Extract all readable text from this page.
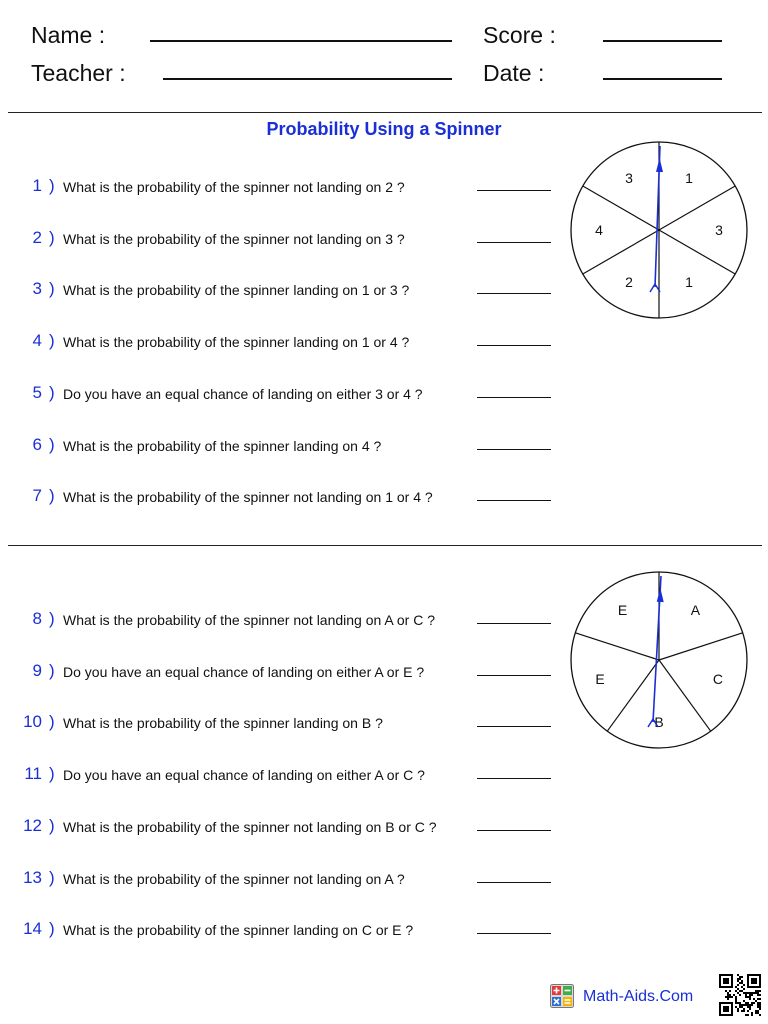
Name :
Teacher :
Score :
Date :
Probability Using a Spinner
1 ) What is the probability of the spinner not landing on 2 ?
2 ) What is the probability of the spinner not landing on 3 ?
3 ) What is the probability of the spinner landing on 1 or 3 ?
4 ) What is the probability of the spinner landing on 1 or 4 ?
5 ) Do you have an equal chance of landing on either 3 or 4 ?
6 ) What is the probability of the spinner landing on 4 ?
7 ) What is the probability of the spinner not landing on 1 or 4 ?
8 ) What is the probability of the spinner not landing on A or C ?
9 ) Do you have an equal chance of landing on either A or E ?
10 ) What is the probability of the spinner landing on B ?
11 ) Do you have an equal chance of landing on either A or C ?
12 ) What is the probability of the spinner not landing on B or C ?
13 ) What is the probability of the spinner not landing on A ?
14 ) What is the probability of the spinner landing on C or E ?
1
3
1
2
4
3
A
C
B
E
E
Math-Aids.Com
